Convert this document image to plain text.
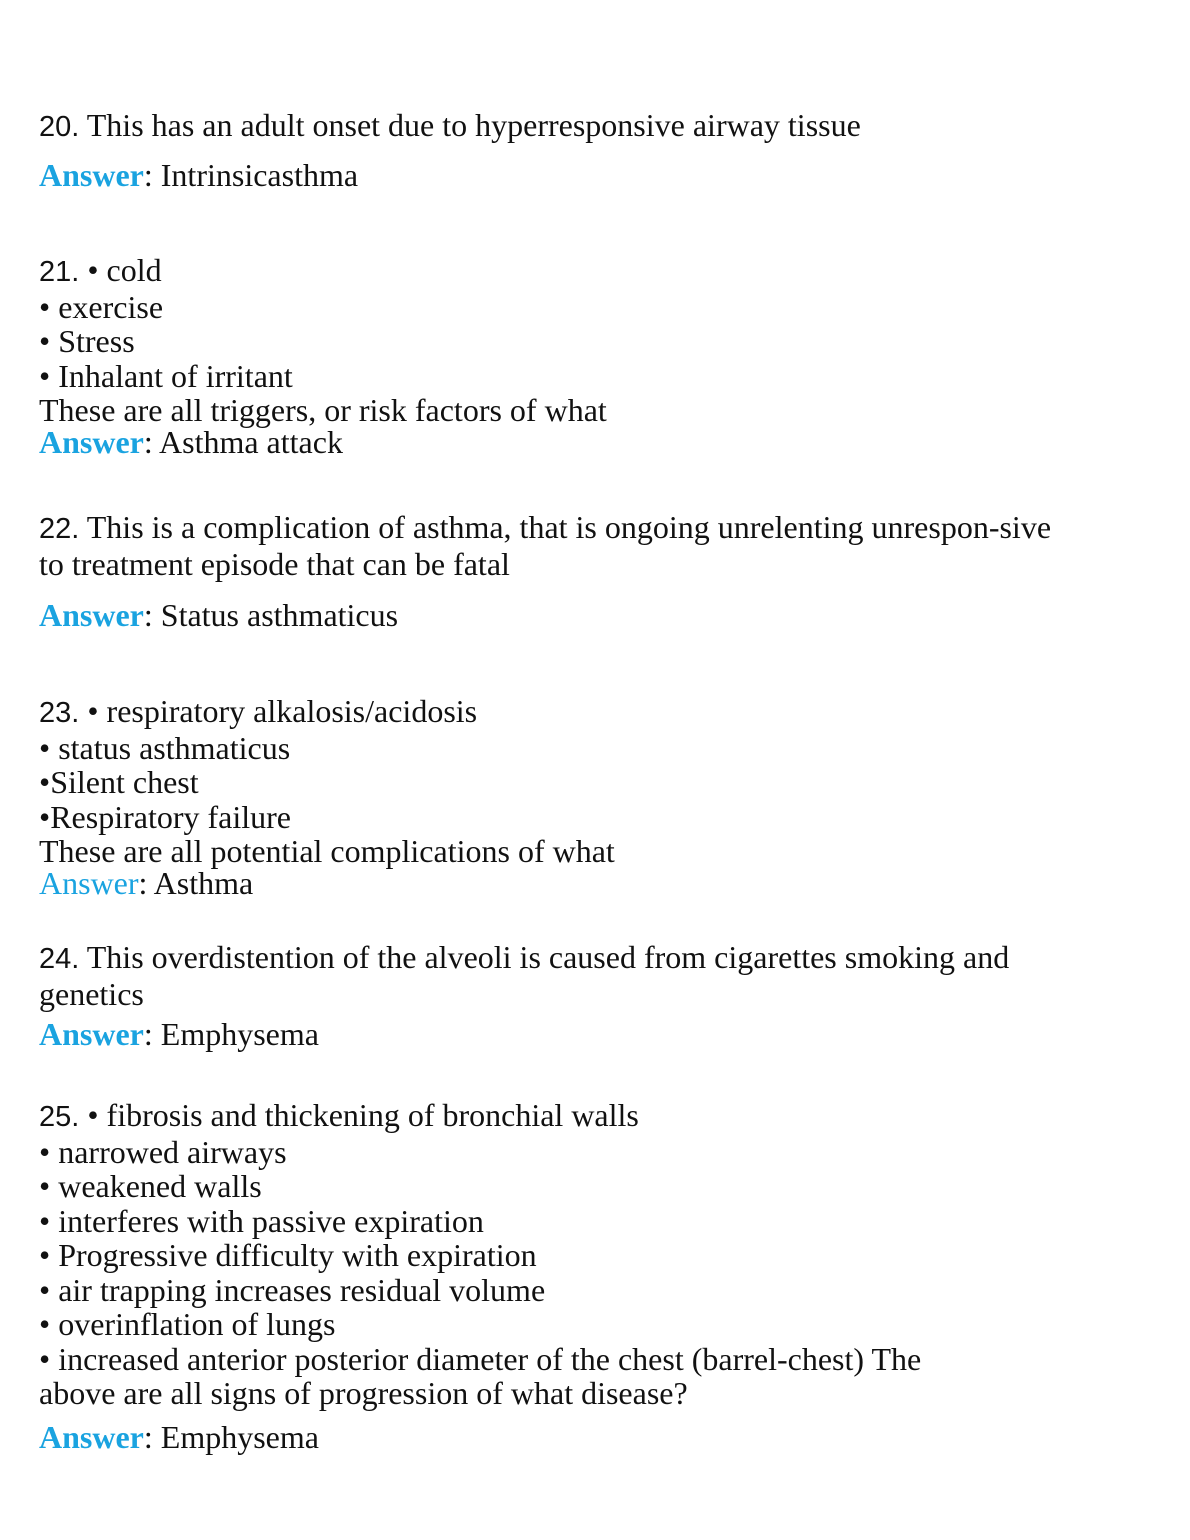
20. This has an adult onset due to hyperresponsive airway tissue
Answer: Intrinsicasthma
21. • cold
• exercise
• Stress
• Inhalant of irritant
These are all triggers, or risk factors of what
Answer: Asthma attack
22. This is a complication of asthma, that is ongoing unrelenting unrespon-sive
to treatment episode that can be fatal
Answer: Status asthmaticus
23. • respiratory alkalosis/acidosis
• status asthmaticus
•Silent chest
•Respiratory failure
These are all potential complications of what
Answer: Asthma
24. This overdistention of the alveoli is caused from cigarettes smoking and
genetics
Answer: Emphysema
25. • fibrosis and thickening of bronchial walls
• narrowed airways
• weakened walls
• interferes with passive expiration
• Progressive difficulty with expiration
• air trapping increases residual volume
• overinflation of lungs
• increased anterior posterior diameter of the chest (barrel-chest) The
above are all signs of progression of what disease?
Answer: Emphysema
